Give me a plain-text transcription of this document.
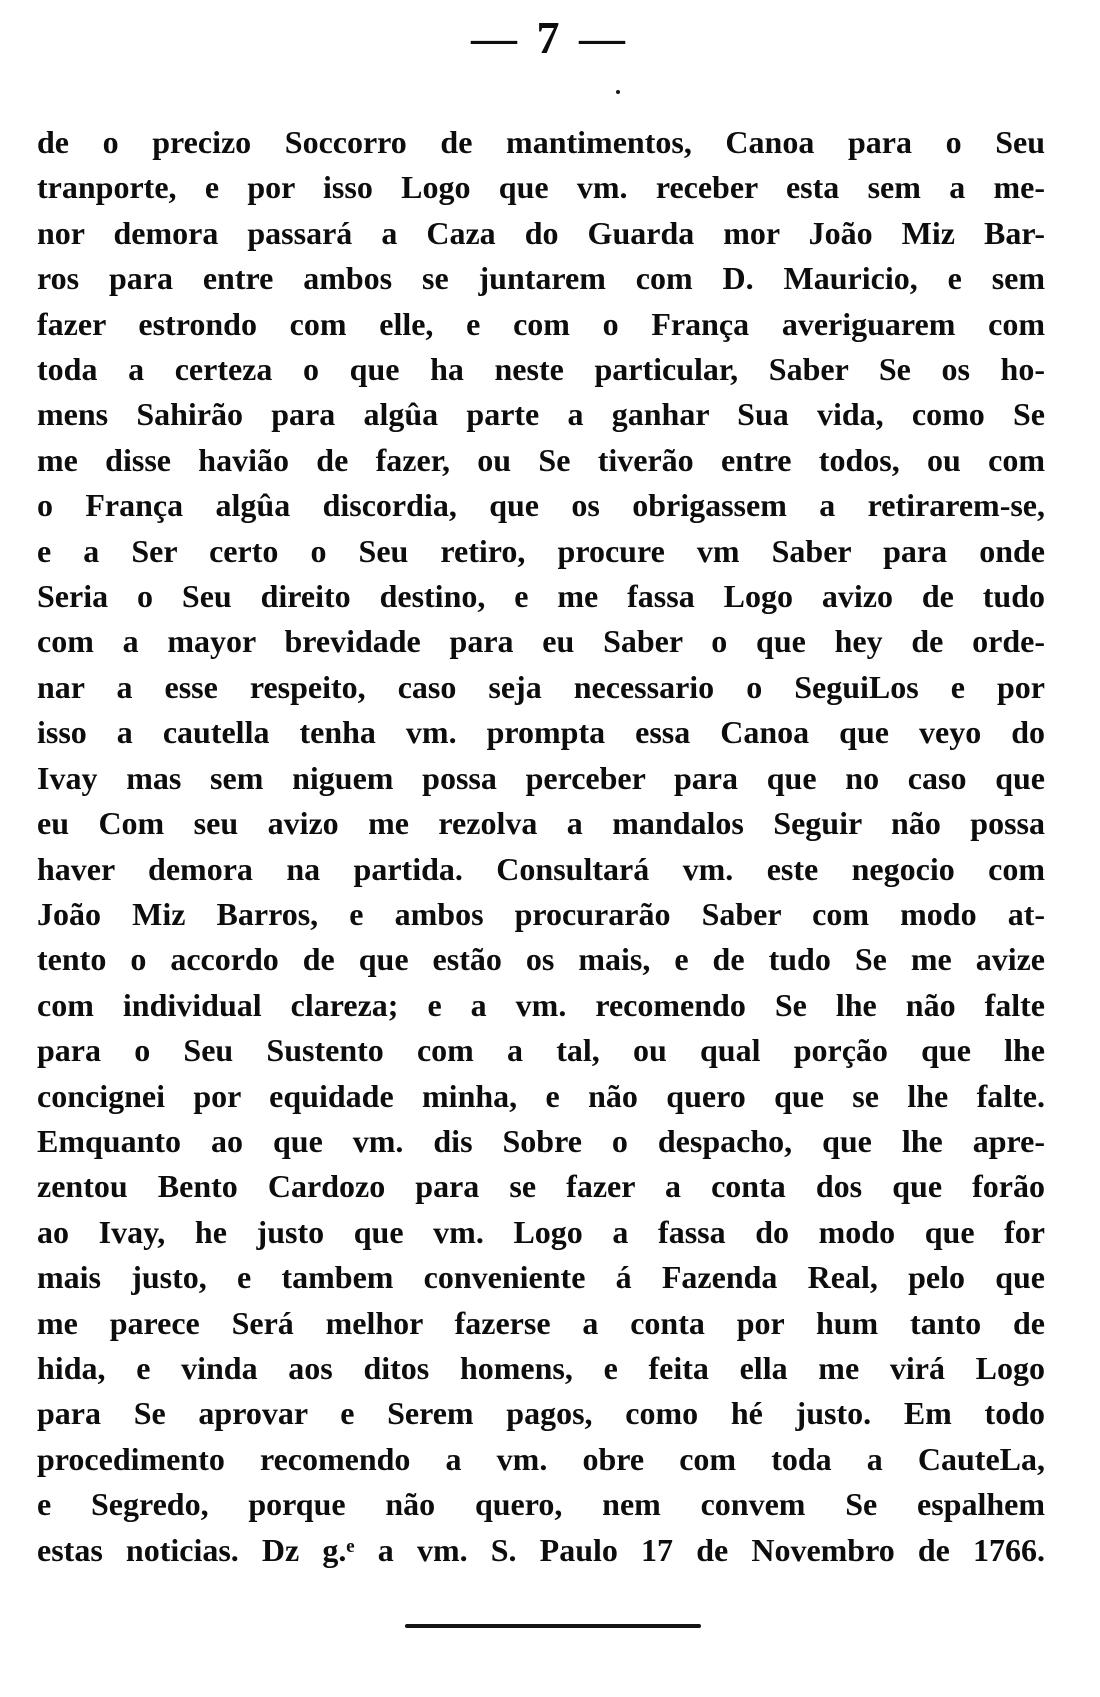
— 7 —
de o precizo Soccorro de mantimentos, Canoa para o Seu
tranporte, e por isso Logo que vm. receber esta sem a me-
nor demora passará a Caza do Guarda mor João Miz Bar-
ros para entre ambos se juntarem com D. Mauricio, e sem
fazer estrondo com elle, e com o França averiguarem com
toda a certeza o que ha neste particular, Saber Se os ho-
mens Sahirão para algûa parte a ganhar Sua vida, como Se
me disse havião de fazer, ou Se tiverão entre todos, ou com
o França algûa discordia, que os obrigassem a retirarem-se,
e a Ser certo o Seu retiro, procure vm Saber para onde
Seria o Seu direito destino, e me fassa Logo avizo de tudo
com a mayor brevidade para eu Saber o que hey de orde-
nar a esse respeito, caso seja necessario o SeguiLos e por
isso a cautella tenha vm. prompta essa Canoa que veyo do
Ivay mas sem niguem possa perceber para que no caso que
eu Com seu avizo me rezolva a mandalos Seguir não possa
haver demora na partida. Consultará vm. este negocio com
João Miz Barros, e ambos procurarão Saber com modo at-
tento o accordo de que estão os mais, e de tudo Se me avize
com individual clareza; e a vm. recomendo Se lhe não falte
para o Seu Sustento com a tal, ou qual porção que lhe
concignei por equidade minha, e não quero que se lhe falte.
Emquanto ao que vm. dis Sobre o despacho, que lhe apre-
zentou Bento Cardozo para se fazer a conta dos que forão
ao Ivay, he justo que vm. Logo a fassa do modo que for
mais justo, e tambem conveniente á Fazenda Real, pelo que
me parece Será melhor fazerse a conta por hum tanto de
hida, e vinda aos ditos homens, e feita ella me virá Logo
para Se aprovar e Serem pagos, como hé justo. Em todo
procedimento recomendo a vm. obre com toda a CauteLa,
e Segredo, porque não quero, nem convem Se espalhem
estas noticias. Dz g.ᵉ a vm. S. Paulo 17 de Novembro de 1766.
